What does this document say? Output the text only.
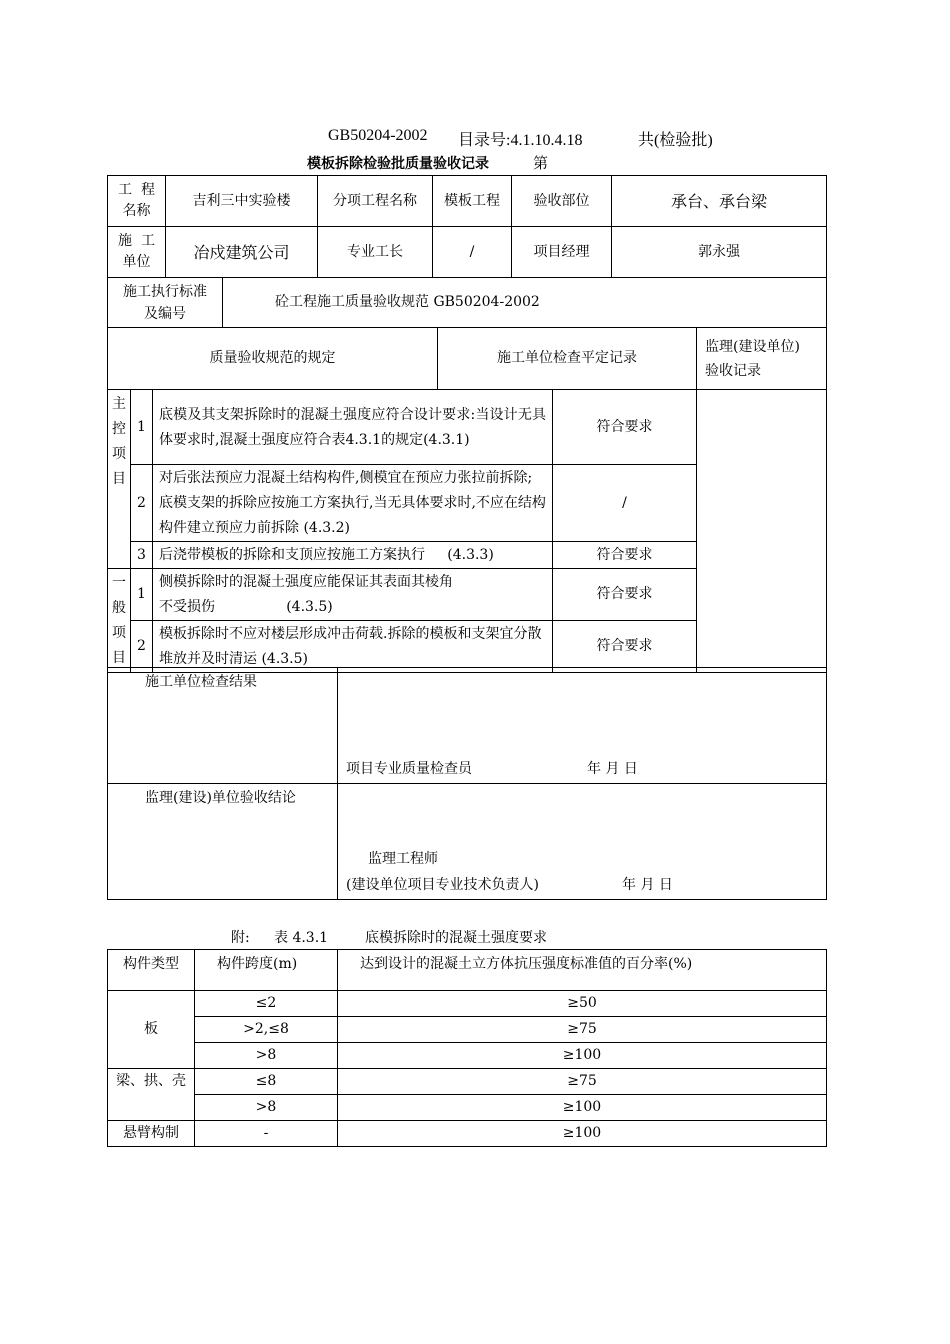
GB50204-2002 目录号:4.1.10.4.18	共(检验批)
模板拆除检验批质量验收记录	第
工  程
名称	吉利三中实验楼	分项工程名称	模板工程	验收部位	承台、承台梁
施  工
单位	冶戍建筑公司	专业工长	/	项目经理	郭永强
施工执行标准
及编号	砼工程施工质量验收规范 GB50204-2002
质量验收规范的规定	施工单位检查平定记录	监理(建设单位)
验收记录
主
控
项
目	1	底模及其支架拆除时的混凝土强度应符合设计要求:当设计无具体要求时,混凝土强度应符合表4.3.1的规定(4.3.1)	符合要求	
	2	对后张法预应力混凝土结构构件,侧模宜在预应力张拉前拆除;底模支架的拆除应按施工方案执行,当无具体要求时,不应在结构构件建立预应力前拆除 (4.3.2)	/	
	3	后浇带模板的拆除和支顶应按施工方案执行     (4.3.3)	符合要求	
一
般
项
目	1	侧模拆除时的混凝土强度应能保证其表面其棱角
不受损伤                (4.3.5)	符合要求	
	2	模板拆除时不应对楼层形成冲击荷载.拆除的模板和支架宜分散堆放并及时清运 (4.3.5)	符合要求	
施工单位检查结果	项目专业质量检查员 年 月 日

监理(建设)单位验收结论	监理工程师
(建设单位项目专业技术负责人) 年 月 日
附: 表 4.3.1	底模拆除时的混凝土强度要求
构件类型	构件跨度(m)	达到设计的混凝土立方体抗压强度标准值的百分率(%)
板	≤2	≥50
	>2,≤8	≥75
	>8	≥100
梁、拱、壳	≤8	≥75
	>8	≥100
悬臂构制	-	≥100
